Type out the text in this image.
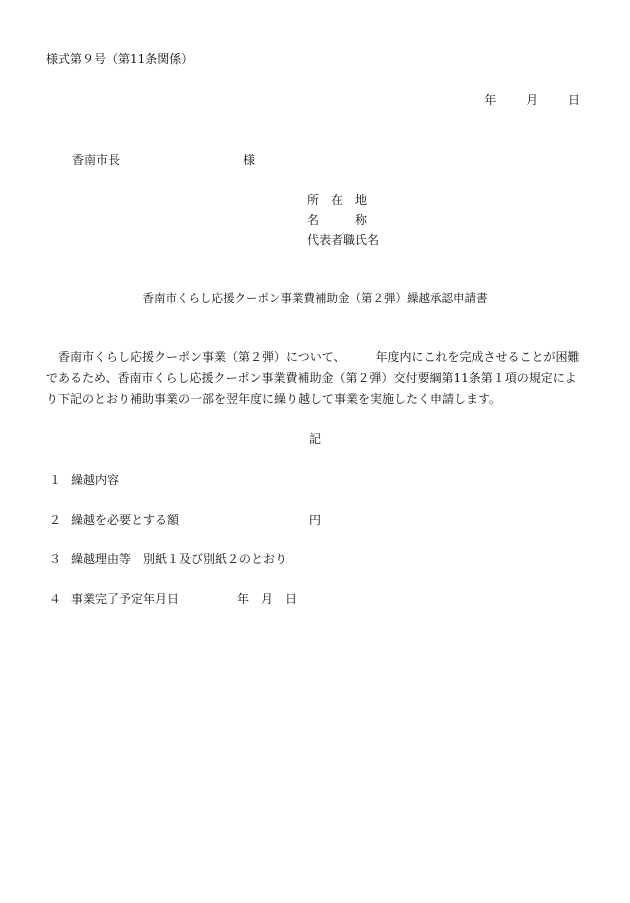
様式第９号（第11条関係）
年 月 日
香南市長	様
所　在　地
名　　　称
代表者職氏名
香南市くらし応援クーポン事業費補助金（第２弾）繰越承認申請書
香南市くらし応援クーポン事業（第２弾）について、　　　年度内にこれを完成させることが困難であるため、香南市くらし応援クーポン事業費補助金（第２弾）交付要綱第11条第１項の規定により下記のとおり補助事業の一部を翌年度に繰り越して事業を実施したく申請します。
記
１ 繰越内容
２ 繰越を必要とする額	円
３ 繰越理由等　別紙１及び別紙２のとおり
４ 事業完了予定年月日	年 月 日
